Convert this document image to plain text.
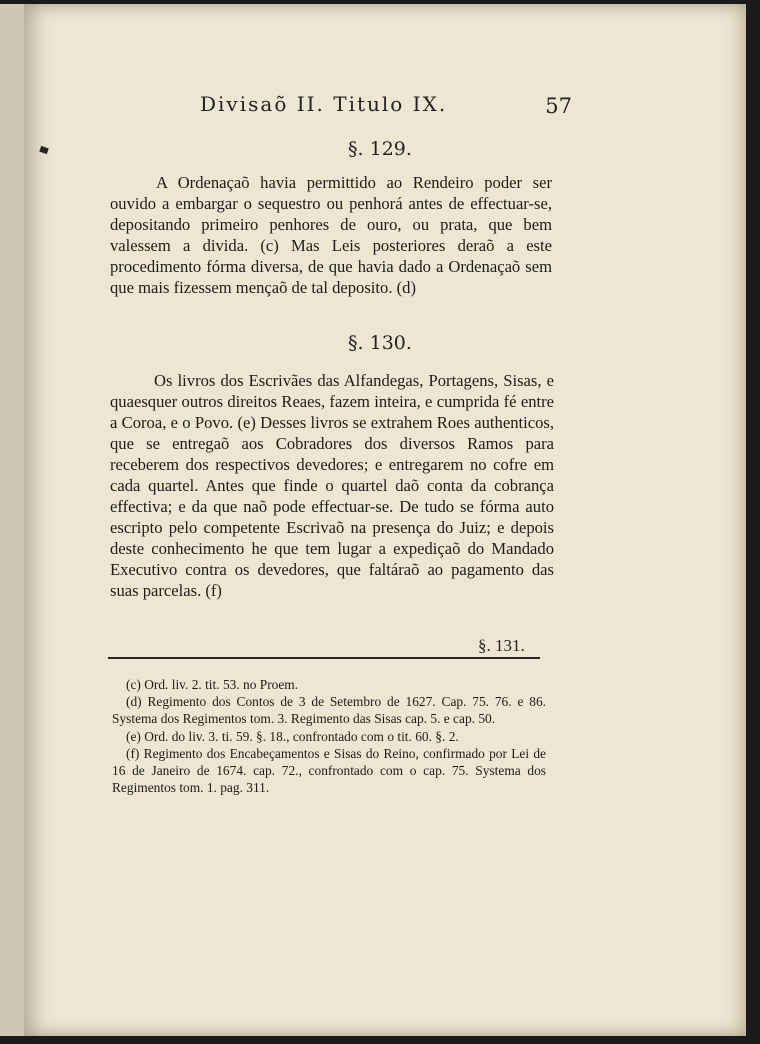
Divisaõ II. Titulo IX.	57
§. 129.
A Ordenaçaõ havia permittido ao Rendeiro poder ser ouvido a embargar o sequestro ou penhorá antes de effectuar-se, depositando primeiro penhores de ouro, ou prata, que bem valessem a divida. (c) Mas Leis posteriores deraõ a este procedimento fórma diversa, de que havia dado a Ordenaçaõ sem que mais fizessem mençaõ de tal deposito. (d)
§. 130.
Os livros dos Escrivães das Alfandegas, Portagens, Sisas, e quaesquer outros direitos Reaes, fazem inteira, e cumprida fé entre a Coroa, e o Povo. (e) Desses livros se extrahem Roes authenticos, que se entregaõ aos Cobradores dos diversos Ramos para receberem dos respectivos devedores; e entregarem no cofre em cada quartel. Antes que finde o quartel daõ conta da cobrança effectiva; e da que naõ pode effectuar-se. De tudo se fórma auto escripto pelo competente Escrivaõ na presença do Juiz; e depois deste conhecimento he que tem lugar a expediçaõ do Mandado Executivo contra os devedores, que faltáraõ ao pagamento das suas parcelas. (f)
§. 131.
(c) Ord. liv. 2. tit. 53. no Proem.
(d) Regimento dos Contos de 3 de Setembro de 1627. Cap. 75. 76. e 86. Systema dos Regimentos tom. 3. Regimento das Sisas cap. 5. e cap. 50.
(e) Ord. do liv. 3. ti. 59. §. 18., confrontado com o tit. 60. §. 2.
(f) Regimento dos Encabeçamentos e Sisas do Reino, confirmado por Lei de 16 de Janeiro de 1674. cap. 72., confrontado com o cap. 75. Systema dos Regimentos tom. 1. pag. 311.
